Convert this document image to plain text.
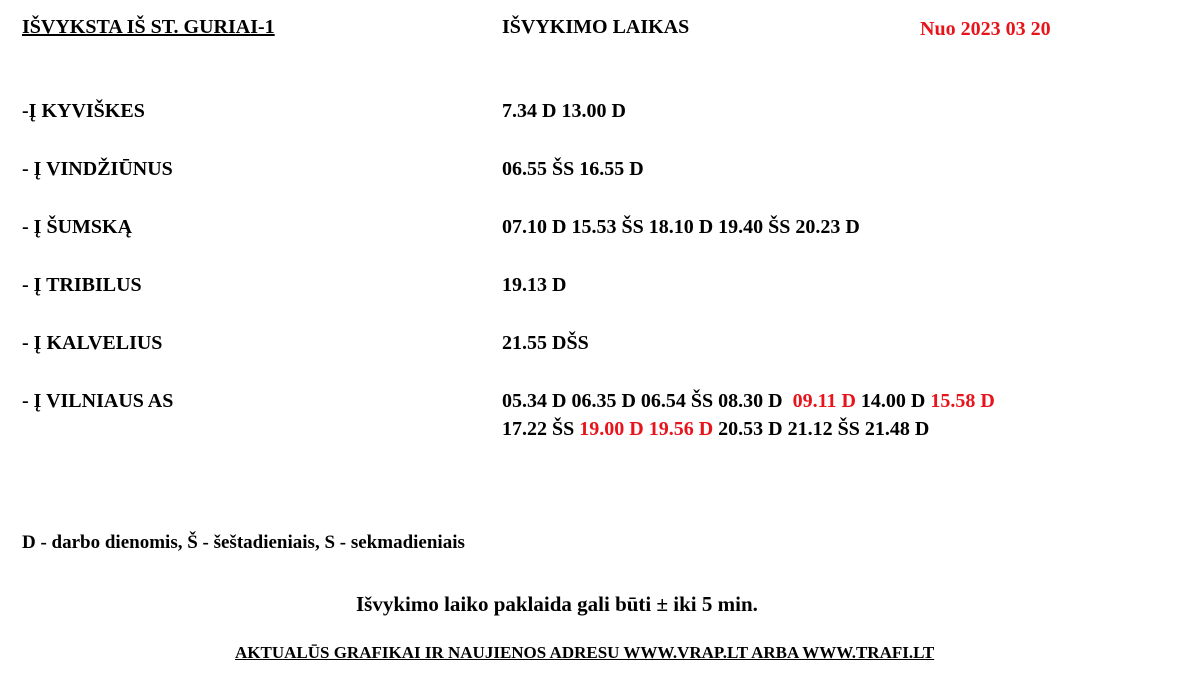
IŠVYKSTA IŠ ST. GURIAI-1	IŠVYKIMO LAIKAS	Nuo 2023 03 20
-Į KYVIŠKES	7.34 D 13.00 D
- Į VINDŽIŪNUS	06.55 ŠS 16.55 D
- Į ŠUMSKĄ	07.10 D 15.53 ŠS 18.10 D 19.40 ŠS 20.23 D
- Į TRIBILUS	19.13 D
- Į KALVELIUS	21.55 DŠS
- Į VILNIAUS AS	05.34 D 06.35 D 06.54 ŠS 08.30 D  09.11 D 14.00 D 15.58 D
17.22 ŠS 19.00 D 19.56 D 20.53 D 21.12 ŠS 21.48 D
D - darbo dienomis, Š - šeštadieniais, S - sekmadieniais
Išvykimo laiko paklaida gali būti ± iki 5 min.
AKTUALŪS GRAFIKAI IR NAUJIENOS ADRESU WWW.VRAP.LT ARBA WWW.TRAFI.LT
